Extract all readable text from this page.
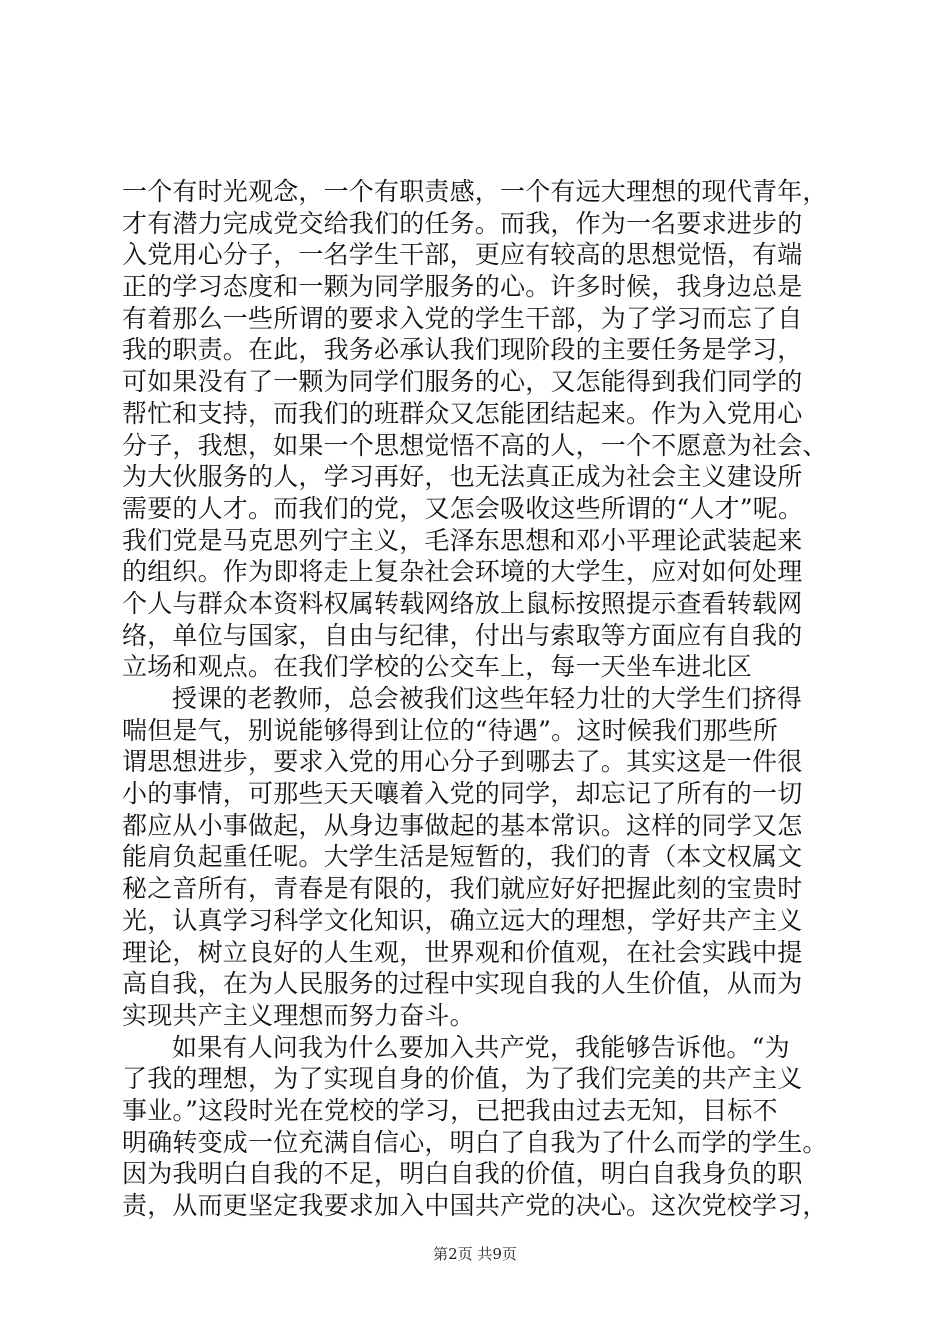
一个有时光观念，一个有职责感，一个有远大理想的现代青年，
才有潜力完成党交给我们的任务。而我，作为一名要求进步的
入党用心分子，一名学生干部，更应有较高的思想觉悟，有端
正的学习态度和一颗为同学服务的心。许多时候，我身边总是
有着那么一些所谓的要求入党的学生干部，为了学习而忘了自
我的职责。在此，我务必承认我们现阶段的主要任务是学习，
可如果没有了一颗为同学们服务的心，又怎能得到我们同学的
帮忙和支持，而我们的班群众又怎能团结起来。作为入党用心
分子，我想，如果一个思想觉悟不高的人，一个不愿意为社会、
为大伙服务的人，学习再好，也无法真正成为社会主义建设所
需要的人才。而我们的党，又怎会吸收这些所谓的“人才”呢。
我们党是马克思列宁主义，毛泽东思想和邓小平理论武装起来
的组织。作为即将走上复杂社会环境的大学生，应对如何处理
个人与群众本资料权属转载网络放上鼠标按照提示查看转载网
络，单位与国家，自由与纪律，付出与索取等方面应有自我的
立场和观点。在我们学校的公交车上，每一天坐车进北区
授课的老教师，总会被我们这些年轻力壮的大学生们挤得
喘但是气，别说能够得到让位的“待遇”。这时候我们那些所
谓思想进步，要求入党的用心分子到哪去了。其实这是一件很
小的事情，可那些天天嚷着入党的同学，却忘记了所有的一切
都应从小事做起，从身边事做起的基本常识。这样的同学又怎
能肩负起重任呢。大学生活是短暂的，我们的青（本文权属文
秘之音所有，青春是有限的，我们就应好好把握此刻的宝贵时
光，认真学习科学文化知识，确立远大的理想，学好共产主义
理论，树立良好的人生观，世界观和价值观，在社会实践中提
高自我，在为人民服务的过程中实现自我的人生价值，从而为
实现共产主义理想而努力奋斗。
如果有人问我为什么要加入共产党，我能够告诉他。“为
了我的理想，为了实现自身的价值，为了我们完美的共产主义
事业。”这段时光在党校的学习，已把我由过去无知，目标不
明确转变成一位充满自信心，明白了自我为了什么而学的学生。
因为我明白自我的不足，明白自我的价值，明白自我身负的职
责，从而更坚定我要求加入中国共产党的决心。这次党校学习，
第2页 共9页
